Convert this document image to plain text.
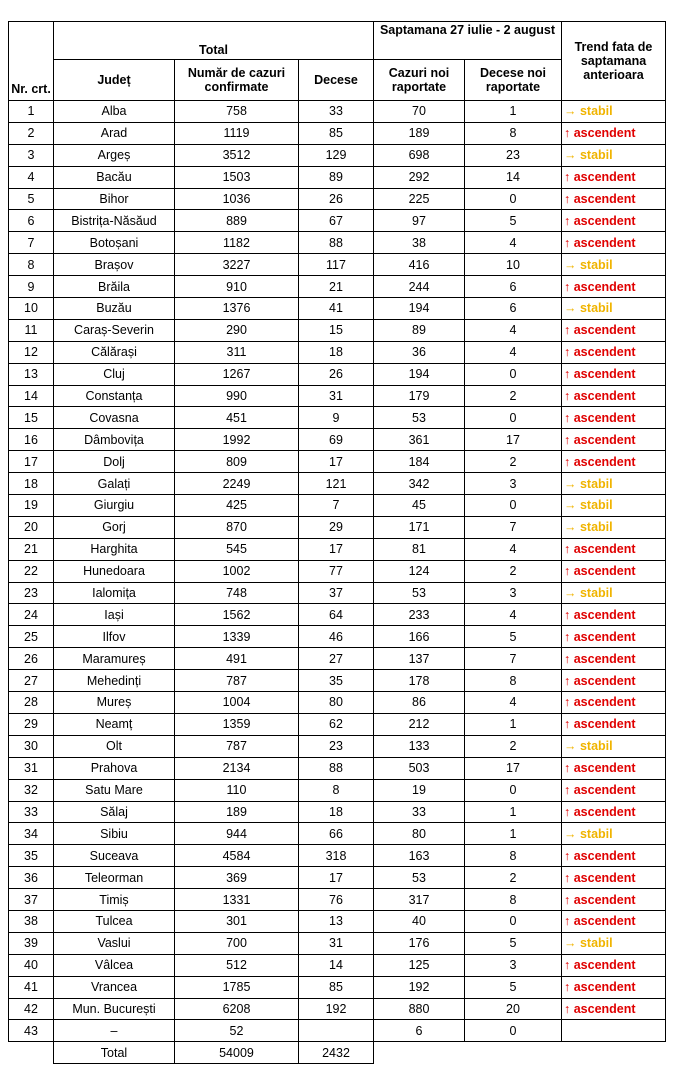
Nr. crt.	Total			Saptamana 27 iulie - 2 august		Trend fata de saptamana anterioara
	Județ	Număr de cazuri confirmate	Decese	Cazuri noi raportate	Decese noi raportate	
1	Alba	758	33	70	1	→ stabil
2	Arad	1119	85	189	8	↑ ascendent
3	Argeș	3512	129	698	23	→ stabil
4	Bacău	1503	89	292	14	↑ ascendent
5	Bihor	1036	26	225	0	↑ ascendent
6	Bistrița-Năsăud	889	67	97	5	↑ ascendent
7	Botoșani	1182	88	38	4	↑ ascendent
8	Brașov	3227	117	416	10	→ stabil
9	Brăila	910	21	244	6	↑ ascendent
10	Buzău	1376	41	194	6	→ stabil
11	Caraș-Severin	290	15	89	4	↑ ascendent
12	Călărași	311	18	36	4	↑ ascendent
13	Cluj	1267	26	194	0	↑ ascendent
14	Constanța	990	31	179	2	↑ ascendent
15	Covasna	451	9	53	0	↑ ascendent
16	Dâmbovița	1992	69	361	17	↑ ascendent
17	Dolj	809	17	184	2	↑ ascendent
18	Galați	2249	121	342	3	→ stabil
19	Giurgiu	425	7	45	0	→ stabil
20	Gorj	870	29	171	7	→ stabil
21	Harghita	545	17	81	4	↑ ascendent
22	Hunedoara	1002	77	124	2	↑ ascendent
23	Ialomița	748	37	53	3	→ stabil
24	Iași	1562	64	233	4	↑ ascendent
25	Ilfov	1339	46	166	5	↑ ascendent
26	Maramureș	491	27	137	7	↑ ascendent
27	Mehedinți	787	35	178	8	↑ ascendent
28	Mureș	1004	80	86	4	↑ ascendent
29	Neamț	1359	62	212	1	↑ ascendent
30	Olt	787	23	133	2	→ stabil
31	Prahova	2134	88	503	17	↑ ascendent
32	Satu Mare	110	8	19	0	↑ ascendent
33	Sălaj	189	18	33	1	↑ ascendent
34	Sibiu	944	66	80	1	→ stabil
35	Suceava	4584	318	163	8	↑ ascendent
36	Teleorman	369	17	53	2	↑ ascendent
37	Timiș	1331	76	317	8	↑ ascendent
38	Tulcea	301	13	40	0	↑ ascendent
39	Vaslui	700	31	176	5	→ stabil
40	Vâlcea	512	14	125	3	↑ ascendent
41	Vrancea	1785	85	192	5	↑ ascendent
42	Mun. București	6208	192	880	20	↑ ascendent
43	–	52		6	0	
	Total	54009	2432			
